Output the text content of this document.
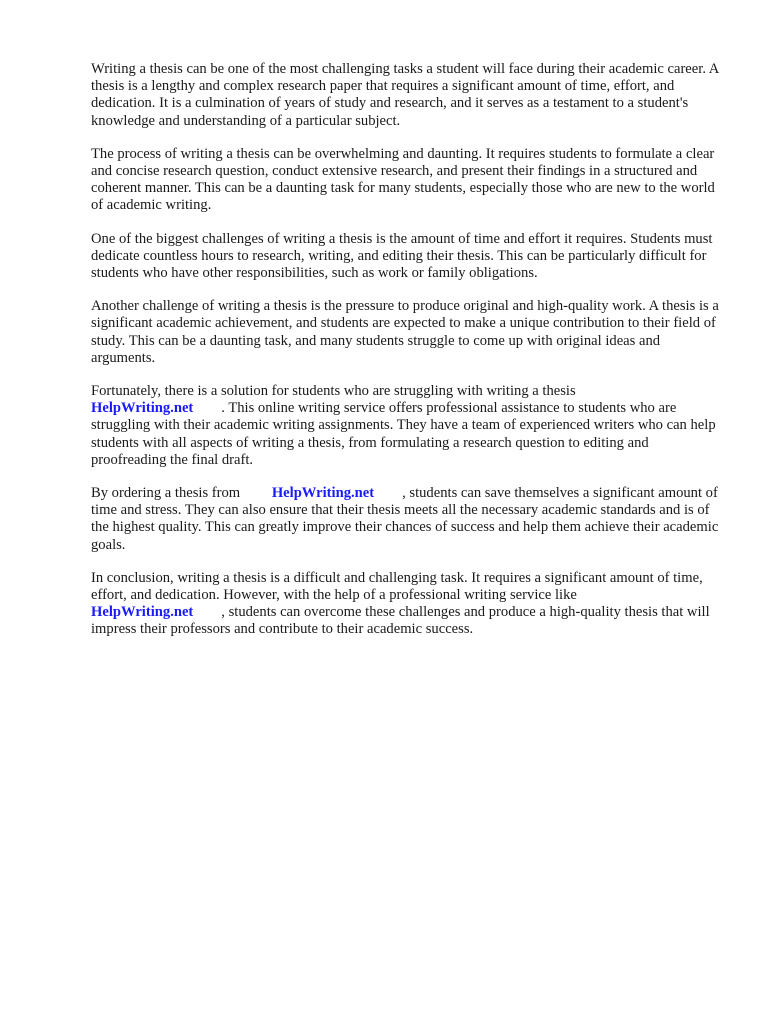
Writing a thesis can be one of the most challenging tasks a student will face during their academic career. A thesis is a lengthy and complex research paper that requires a significant amount of time, effort, and dedication. It is a culmination of years of study and research, and it serves as a testament to a student's knowledge and understanding of a particular subject.

The process of writing a thesis can be overwhelming and daunting. It requires students to formulate a clear and concise research question, conduct extensive research, and present their findings in a structured and coherent manner. This can be a daunting task for many students, especially those who are new to the world of academic writing.

One of the biggest challenges of writing a thesis is the amount of time and effort it requires. Students must dedicate countless hours to research, writing, and editing their thesis. This can be particularly difficult for students who have other responsibilities, such as work or family obligations.

Another challenge of writing a thesis is the pressure to produce original and high-quality work. A thesis is a significant academic achievement, and students are expected to make a unique contribution to their field of study. This can be a daunting task, and many students struggle to come up with original ideas and arguments.

Fortunately, there is a solution for students who are struggling with writing a thesis
HelpWriting.net . This online writing service offers professional assistance to students who are struggling with their academic writing assignments. They have a team of experienced writers who can help students with all aspects of writing a thesis, from formulating a research question to editing and proofreading the final draft.

By ordering a thesis from HelpWriting.net , students can save themselves a significant amount of time and stress. They can also ensure that their thesis meets all the necessary academic standards and is of the highest quality. This can greatly improve their chances of success and help them achieve their academic goals.

In conclusion, writing a thesis is a difficult and challenging task. It requires a significant amount of time, effort, and dedication. However, with the help of a professional writing service like
HelpWriting.net , students can overcome these challenges and produce a high-quality thesis that will impress their professors and contribute to their academic success.
